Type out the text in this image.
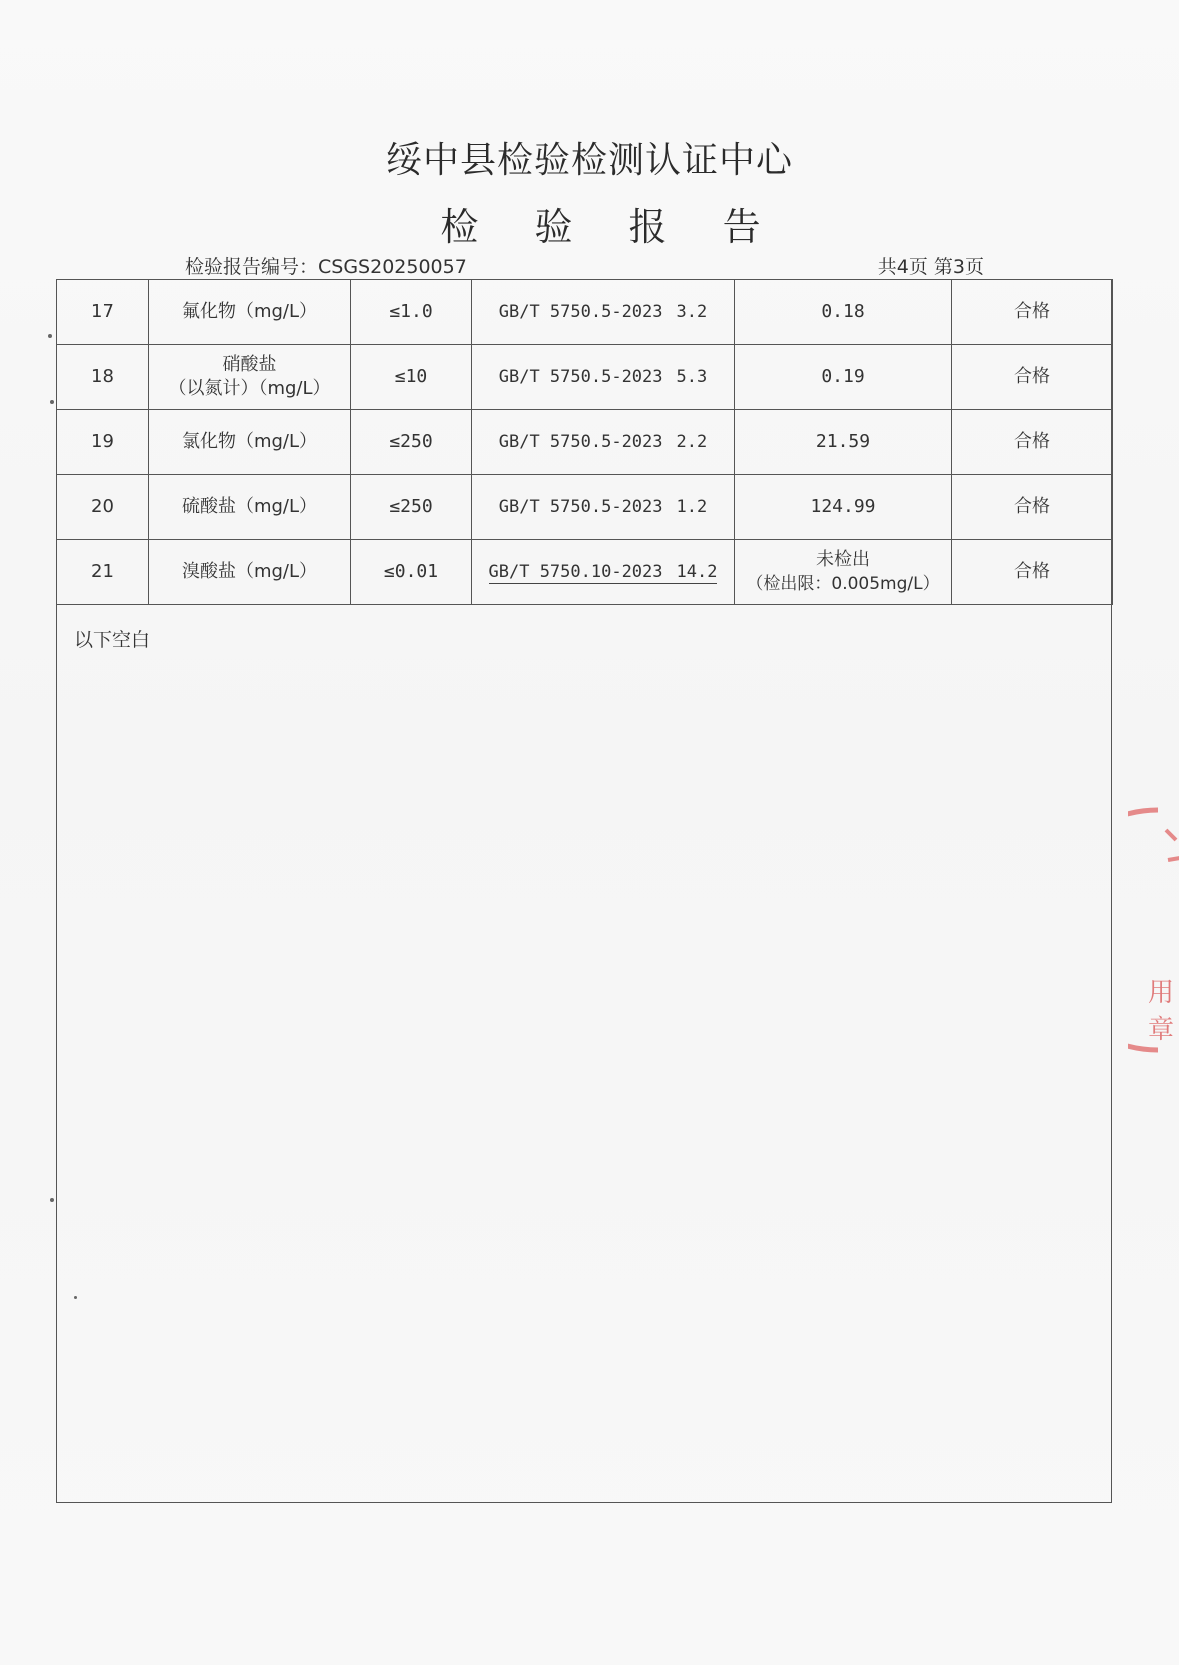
绥中县检验检测认证中心
检 验 报 告
检验报告编号：CSGS20250057	共4页 第3页
17	氟化物（mg/L）	≤1.0	GB/T 5750.5-2023 3.2	0.18	合格
18	硝酸盐
（以氮计）（mg/L）	≤10	GB/T 5750.5-2023 5.3	0.19	合格
19	氯化物（mg/L）	≤250	GB/T 5750.5-2023 2.2	21.59	合格
20	硫酸盐（mg/L）	≤250	GB/T 5750.5-2023 1.2	124.99	合格
21	溴酸盐（mg/L）	≤0.01	GB/T 5750.10-2023 14.2	未检出
（检出限：0.005mg/L）	合格
以下空白
用章
